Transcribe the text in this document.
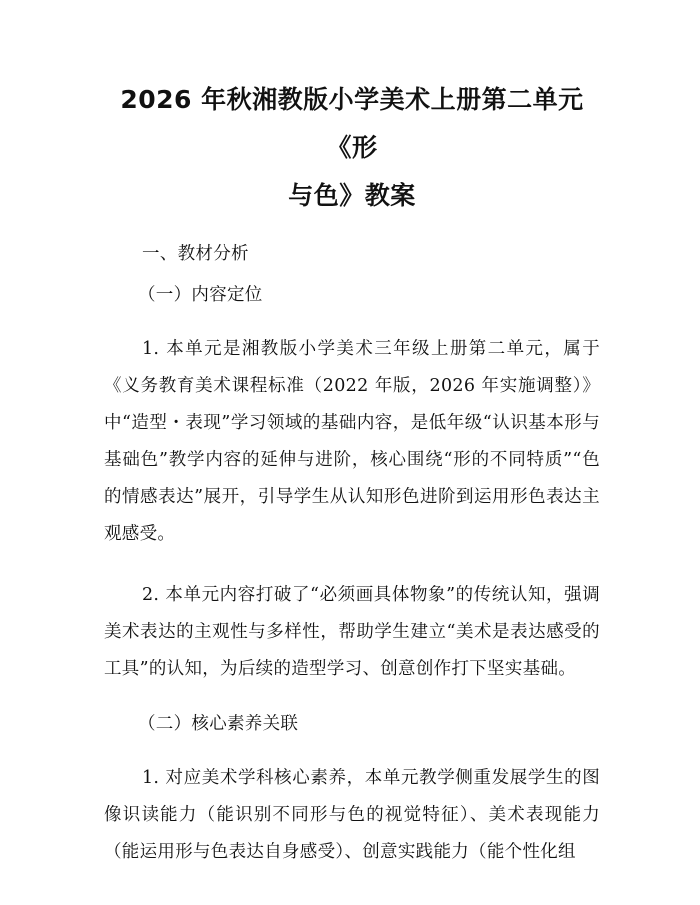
2026 年秋湘教版小学美术上册第二单元《形
与色》教案

一、教材分析

（一）内容定位

1. 本单元是湘教版小学美术三年级上册第二单元，属于《义务教育美术课程标准（2022 年版，2026 年实施调整）》中“造型・表现”学习领域的基础内容，是低年级“认识基本形与基础色”教学内容的延伸与进阶，核心围绕“形的不同特质”“色的情感表达”展开，引导学生从认知形色进阶到运用形色表达主观感受。

2. 本单元内容打破了“必须画具体物象”的传统认知，强调美术表达的主观性与多样性，帮助学生建立“美术是表达感受的工具”的认知，为后续的造型学习、创意创作打下坚实基础。

（二）核心素养关联

1. 对应美术学科核心素养，本单元教学侧重发展学生的图像识读能力（能识别不同形与色的视觉特征）、美术表现能力（能运用形与色表达自身感受）、创意实践能力（能个性化组
